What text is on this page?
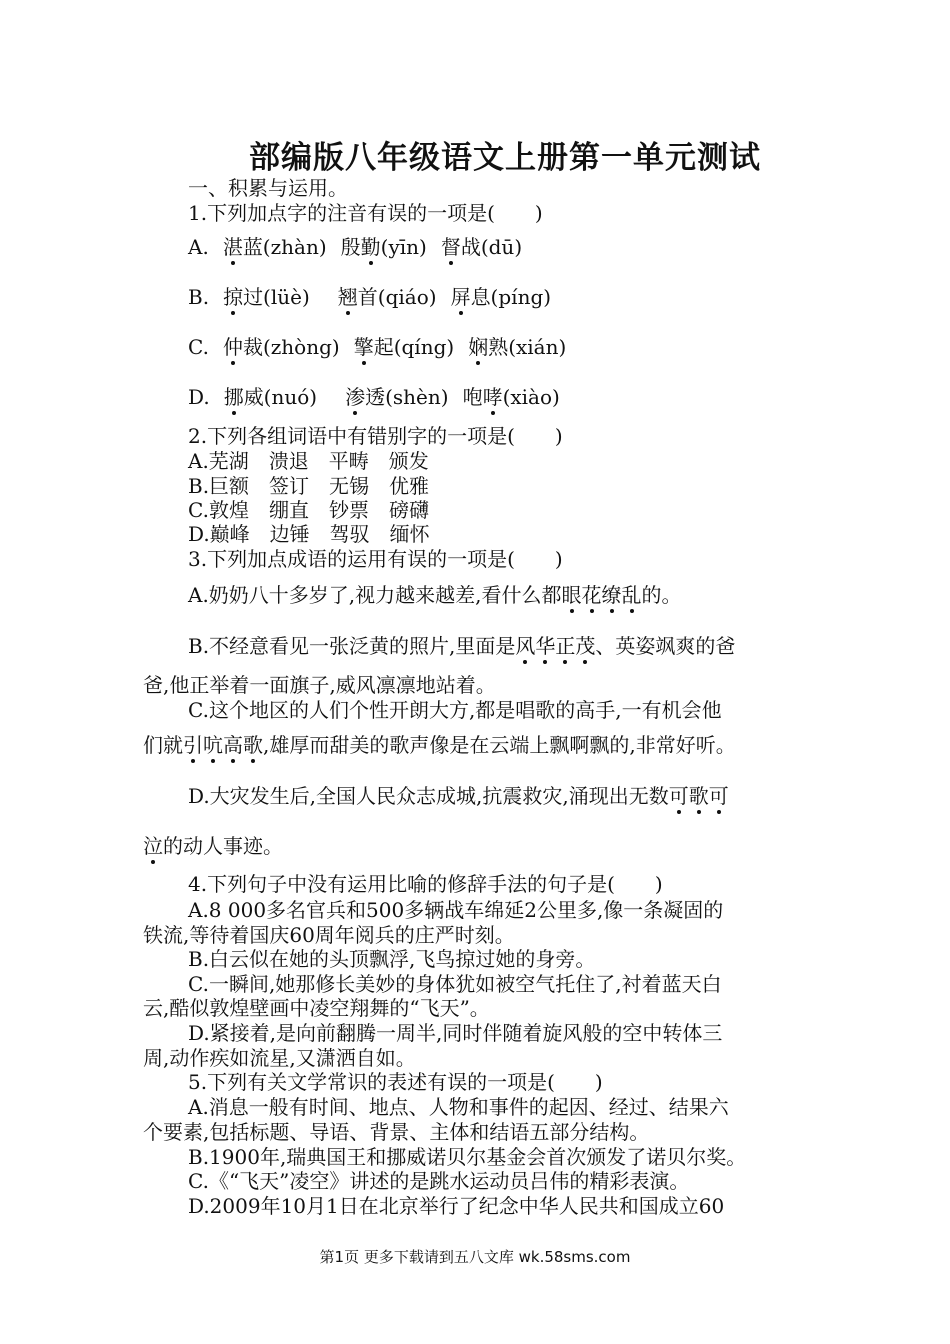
部编版八年级语文上册第一单元测试
一、积累与运用。
1.下列加点字的注音有误的一项是(　　)
A. 湛蓝(zhàn) 殷勤(yīn) 督战(dū)
B. 掠过(lüè) 翘首(qiáo) 屏息(píng)
C. 仲裁(zhòng) 擎起(qíng) 娴熟(xián)
D. 挪威(nuó) 渗透(shèn) 咆哮(xiào)
2.下列各组词语中有错别字的一项是(　　)
A.芜湖　溃退　平畴　颁发
B.巨额　签订　无锡　优雅
C.敦煌　绷直　钞票　磅礴
D.巅峰　边锤　驾驭　缅怀
3.下列加点成语的运用有误的一项是(　　)
A.奶奶八十多岁了,视力越来越差,看什么都眼花缭乱的。
B.不经意看见一张泛黄的照片,里面是风华正茂、英姿飒爽的爸
爸,他正举着一面旗子,威风凛凛地站着。
C.这个地区的人们个性开朗大方,都是唱歌的高手,一有机会他
们就引吭高歌,雄厚而甜美的歌声像是在云端上飘啊飘的,非常好听。
D.大灾发生后,全国人民众志成城,抗震救灾,涌现出无数可歌可
泣的动人事迹。
4.下列句子中没有运用比喻的修辞手法的句子是(　　)
A.8 000多名官兵和500多辆战车绵延2公里多,像一条凝固的
铁流,等待着国庆60周年阅兵的庄严时刻。
B.白云似在她的头顶飘浮,飞鸟掠过她的身旁。
C.一瞬间,她那修长美妙的身体犹如被空气托住了,衬着蓝天白
云,酷似敦煌壁画中凌空翔舞的“飞天”。
D.紧接着,是向前翻腾一周半,同时伴随着旋风般的空中转体三
周,动作疾如流星,又潇洒自如。
5.下列有关文学常识的表述有误的一项是(　　)
A.消息一般有时间、地点、人物和事件的起因、经过、结果六
个要素,包括标题、导语、背景、主体和结语五部分结构。
B.1900年,瑞典国王和挪威诺贝尔基金会首次颁发了诺贝尔奖。
C.《“飞天”凌空》讲述的是跳水运动员吕伟的精彩表演。
D.2009年10月1日在北京举行了纪念中华人民共和国成立60
第1页 更多下载请到五八文库 wk.58sms.com
